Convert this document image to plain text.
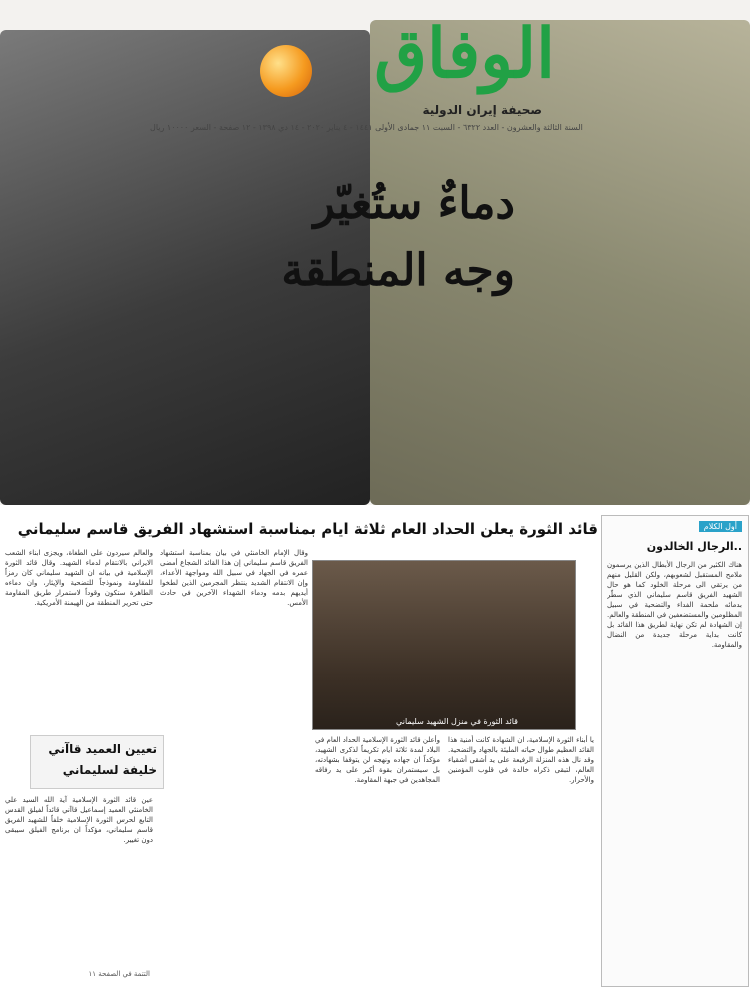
الوفاق
صحيفة إيران الدولية
السنة الثالثة والعشرون - العدد ٦٣٢٢ - السبت ١١ جمادى الأولى ١٤٤١ - ٤ يناير ٢٠٢٠ - ١٤ دي ١٣٩٨ - ١٢ صفحة - السعر ١٠٠٠٠ ريال
دماءٌ ستُغيّر
وجه المنطقة
قائد الثورة يعلن الحداد العام ثلاثة ايام بمناسبة استشهاد الفريق قاسم سليماني
والعالم سيردون على الطغاة، ويجزى ابناء الشعب الايراني بالانتقام لدماء الشهيد. وقال قائد الثورة الإسلامية في بيانه ان الشهيد سليماني كان رمزاً للمقاومة ونموذجاً للتضحية والإيثار، وان دماءه الطاهرة ستكون وقوداً لاستمرار طريق المقاومة حتى تحرير المنطقة من الهيمنة الأمريكية.
وقال الإمام الخامنئي في بيان بمناسبة استشهاد الفريق قاسم سليماني إن هذا القائد الشجاع أمضى عمره في الجهاد في سبيل الله ومواجهة الأعداء، وإن الانتقام الشديد ينتظر المجرمين الذين لطخوا أيديهم بدمه ودماء الشهداء الآخرين في حادث الأمس.
وأعلن قائد الثورة الإسلامية الحداد العام في البلاد لمدة ثلاثة ايام تكريماً لذكرى الشهيد، مؤكداً ان جهاده ونهجه لن يتوقفا بشهادته، بل سيستمران بقوة أكبر على يد رفاقه المجاهدين في جبهة المقاومة.
يا أبناء الثورة الإسلامية، ان الشهادة كانت أمنية هذا القائد العظيم طوال حياته المليئة بالجهاد والتضحية. وقد نال هذه المنزلة الرفيعة على يد أشقى أشقياء العالم، لتبقى ذكراه خالدة في قلوب المؤمنين والأحرار.
عين قائد الثورة الإسلامية آية الله السيد علي الخامنئي العميد إسماعيل قاآني قائداً لفيلق القدس التابع لحرس الثورة الإسلامية خلفاً للشهيد الفريق قاسم سليماني، مؤكداً ان برنامج الفيلق سيبقى دون تغيير.
قائد الثورة في منزل الشهيد سليماني
تعيين العميد قاآني
خليفة لسليماني
أول الكلام
الرجال الخالدون..
هناك الكثير من الرجال الأبطال الذين يرسمون ملامح المستقبل لشعوبهم، ولكن القليل منهم من يرتقي الى مرحلة الخلود كما هو حال الشهيد الفريق قاسم سليماني الذي سطّر بدمائه ملحمة الفداء والتضحية في سبيل المظلومين والمستضعفين في المنطقة والعالم. إن الشهادة لم تكن نهاية لطريق هذا القائد بل كانت بداية مرحلة جديدة من النضال والمقاومة.
التتمة في الصفحة ١١
